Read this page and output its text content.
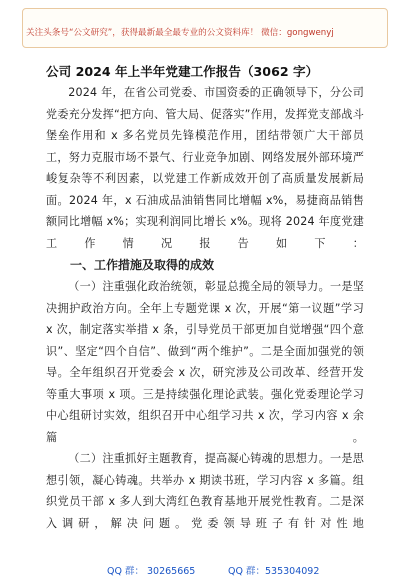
关注头条号“公文研究”，获得最新最全最专业的公文资料库！ 微信：gongwenyj
公司 2024 年上半年党建工作报告（3062 字）

2024 年，在省公司党委、市国资委的正确领导下，分公司党委充分发挥“把方向、管大局、促落实”作用，发挥党支部战斗堡垒作用和 x 多名党员先锋模范作用，团结带领广大干部员工，努力克服市场不景气、行业竞争加剧、网络发展外部环境严峻复杂等不利因素，以党建工作新成效开创了高质量发展新局面。2024 年，x 石油成品油销售同比增幅 x%，易捷商品销售额同比增幅 x%；实现利润同比增长 x%。现将 2024 年度党建工作情况报告如下：

一、工作措施及取得的成效

（一）注重强化政治统领，彰显总揽全局的领导力。一是坚决拥护政治方向。全年上专题党课 x 次，开展“第一议题”学习 x 次，制定落实举措 x 条，引导党员干部更加自觉增强“四个意识”、坚定“四个自信”、做到“两个维护”。二是全面加强党的领导。全年组织召开党委会 x 次，研究涉及公司改革、经营开发等重大事项 x 项。三是持续强化理论武装。强化党委理论学习中心组研讨实效，组织召开中心组学习共 x 次，学习内容 x 余篇。

（二）注重抓好主题教育，提高凝心铸魂的思想力。一是思想引领，凝心铸魂。共举办 x 期读书班，学习内容 x 多篇。组织党员干部 x 多人到大湾红色教育基地开展党性教育。二是深入调研，解决问题。党委领导班子有针对性地

QQ 群： 30265665	QQ 群：535304092
